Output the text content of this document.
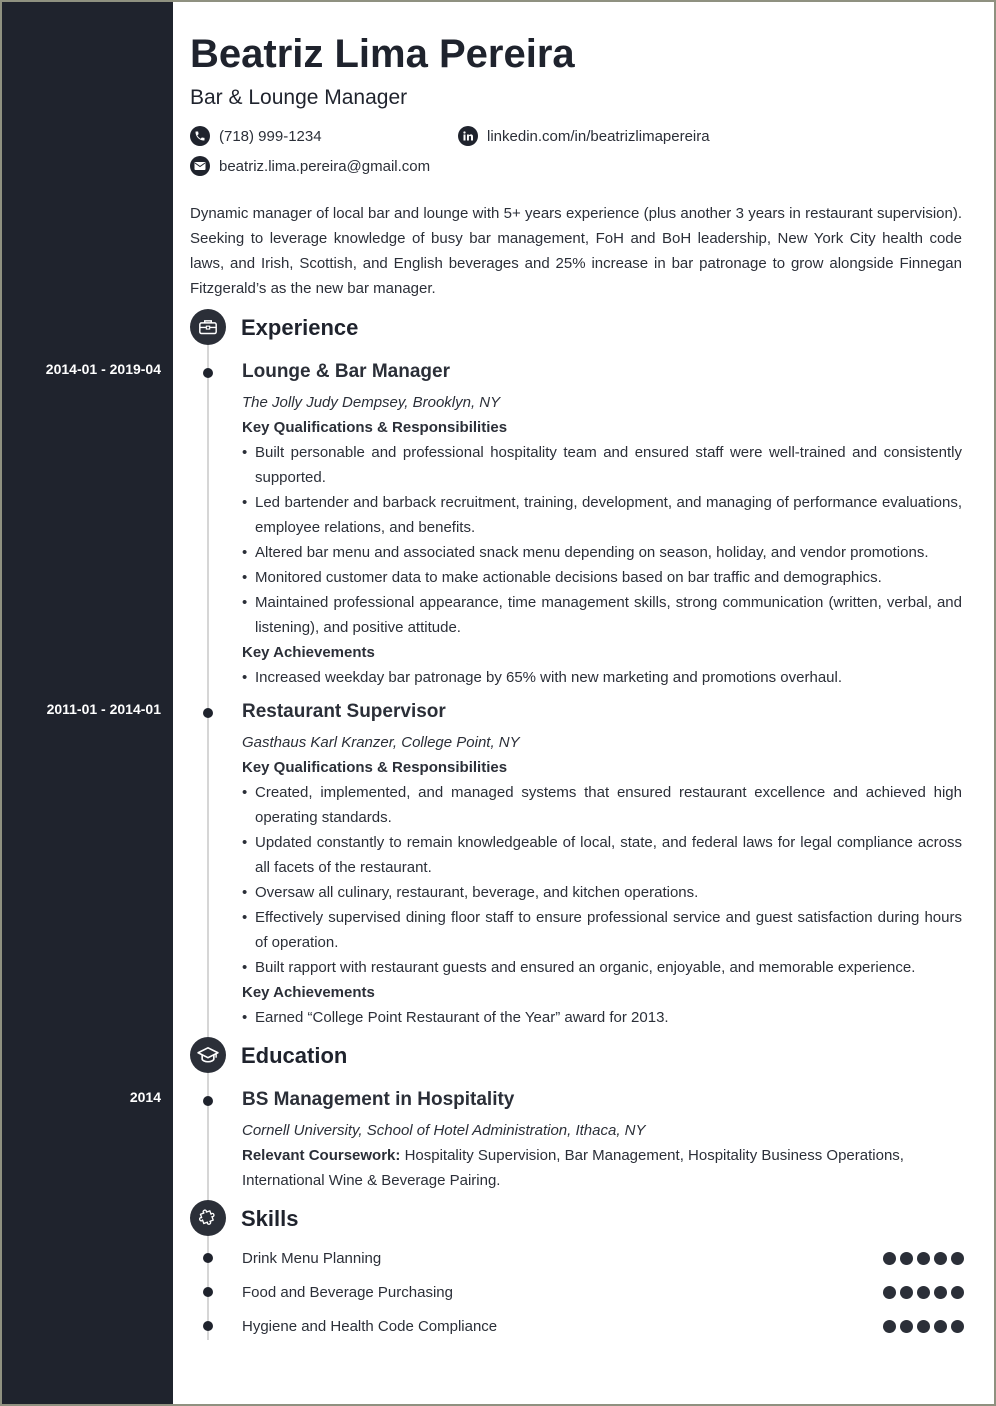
2014-01 - 2019-04
2011-01 - 2014-01
2014
Beatriz Lima Pereira
Bar & Lounge Manager
(718) 999-1234	linkedin.com/in/beatrizlimapereira
beatriz.lima.pereira@gmail.com
Dynamic manager of local bar and lounge with 5+ years experience (plus another 3 years in restaurant supervision). Seeking to leverage knowledge of busy bar management, FoH and BoH leadership, New York City health code laws, and Irish, Scottish, and English beverages and 25% increase in bar patronage to grow alongside Finnegan Fitzgerald’s as the new bar manager.
Experience
Lounge & Bar Manager
The Jolly Judy Dempsey, Brooklyn, NY
Key Qualifications & Responsibilities
• Built personable and professional hospitality team and ensured staff were well-trained and consistently supported.
• Led bartender and barback recruitment, training, development, and managing of performance evaluations, employee relations, and benefits.
• Altered bar menu and associated snack menu depending on season, holiday, and vendor promotions.
• Monitored customer data to make actionable decisions based on bar traffic and demographics.
• Maintained professional appearance, time management skills, strong communication (written, verbal, and listening), and positive attitude.
Key Achievements
• Increased weekday bar patronage by 65% with new marketing and promotions overhaul.
Restaurant Supervisor
Gasthaus Karl Kranzer, College Point, NY
Key Qualifications & Responsibilities
• Created, implemented, and managed systems that ensured restaurant excellence and achieved high operating standards.
• Updated constantly to remain knowledgeable of local, state, and federal laws for legal compliance across all facets of the restaurant.
• Oversaw all culinary, restaurant, beverage, and kitchen operations.
• Effectively supervised dining floor staff to ensure professional service and guest satisfaction during hours of operation.
• Built rapport with restaurant guests and ensured an organic, enjoyable, and memorable experience.
Key Achievements
• Earned “College Point Restaurant of the Year” award for 2013.
Education
BS Management in Hospitality
Cornell University, School of Hotel Administration, Ithaca, NY
Relevant Coursework: Hospitality Supervision, Bar Management, Hospitality Business Operations, International Wine & Beverage Pairing.
Skills
Drink Menu Planning
Food and Beverage Purchasing
Hygiene and Health Code Compliance
